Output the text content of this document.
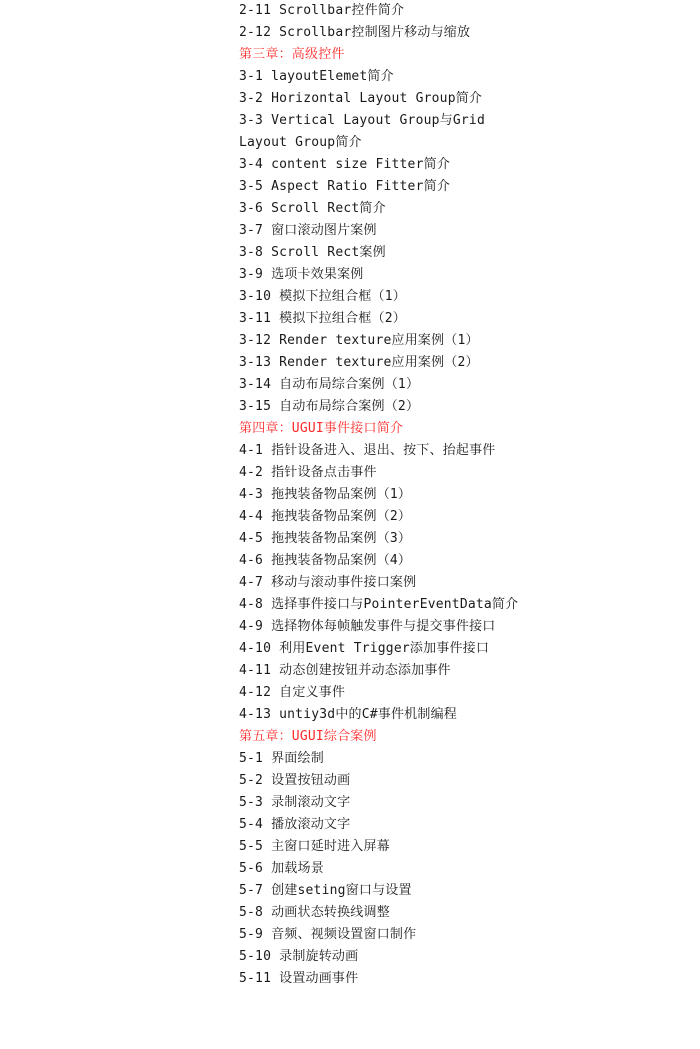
2-11 Scrollbar控件简介
2-12 Scrollbar控制图片移动与缩放
第三章：高级控件
3-1 layoutElemet简介
3-2 Horizontal Layout Group简介
3-3 Vertical Layout Group与Grid Layout Group简介
3-4 content size Fitter简介
3-5 Aspect Ratio Fitter简介
3-6 Scroll Rect简介
3-7 窗口滚动图片案例
3-8 Scroll Rect案例
3-9 选项卡效果案例
3-10 模拟下拉组合框（1）
3-11 模拟下拉组合框（2）
3-12 Render texture应用案例（1）
3-13 Render texture应用案例（2）
3-14 自动布局综合案例（1）
3-15 自动布局综合案例（2）
第四章：UGUI事件接口简介
4-1 指针设备进入、退出、按下、抬起事件
4-2 指针设备点击事件
4-3 拖拽装备物品案例（1）
4-4 拖拽装备物品案例（2）
4-5 拖拽装备物品案例（3）
4-6 拖拽装备物品案例（4）
4-7 移动与滚动事件接口案例
4-8 选择事件接口与PointerEventData简介
4-9 选择物体每帧触发事件与提交事件接口
4-10 利用Event Trigger添加事件接口
4-11 动态创建按钮并动态添加事件
4-12 自定义事件
4-13 untiy3d中的C#事件机制编程
第五章：UGUI综合案例
5-1 界面绘制
5-2 设置按钮动画
5-3 录制滚动文字
5-4 播放滚动文字
5-5 主窗口延时进入屏幕
5-6 加载场景
5-7 创建seting窗口与设置
5-8 动画状态转换线调整
5-9 音频、视频设置窗口制作
5-10 录制旋转动画
5-11 设置动画事件
